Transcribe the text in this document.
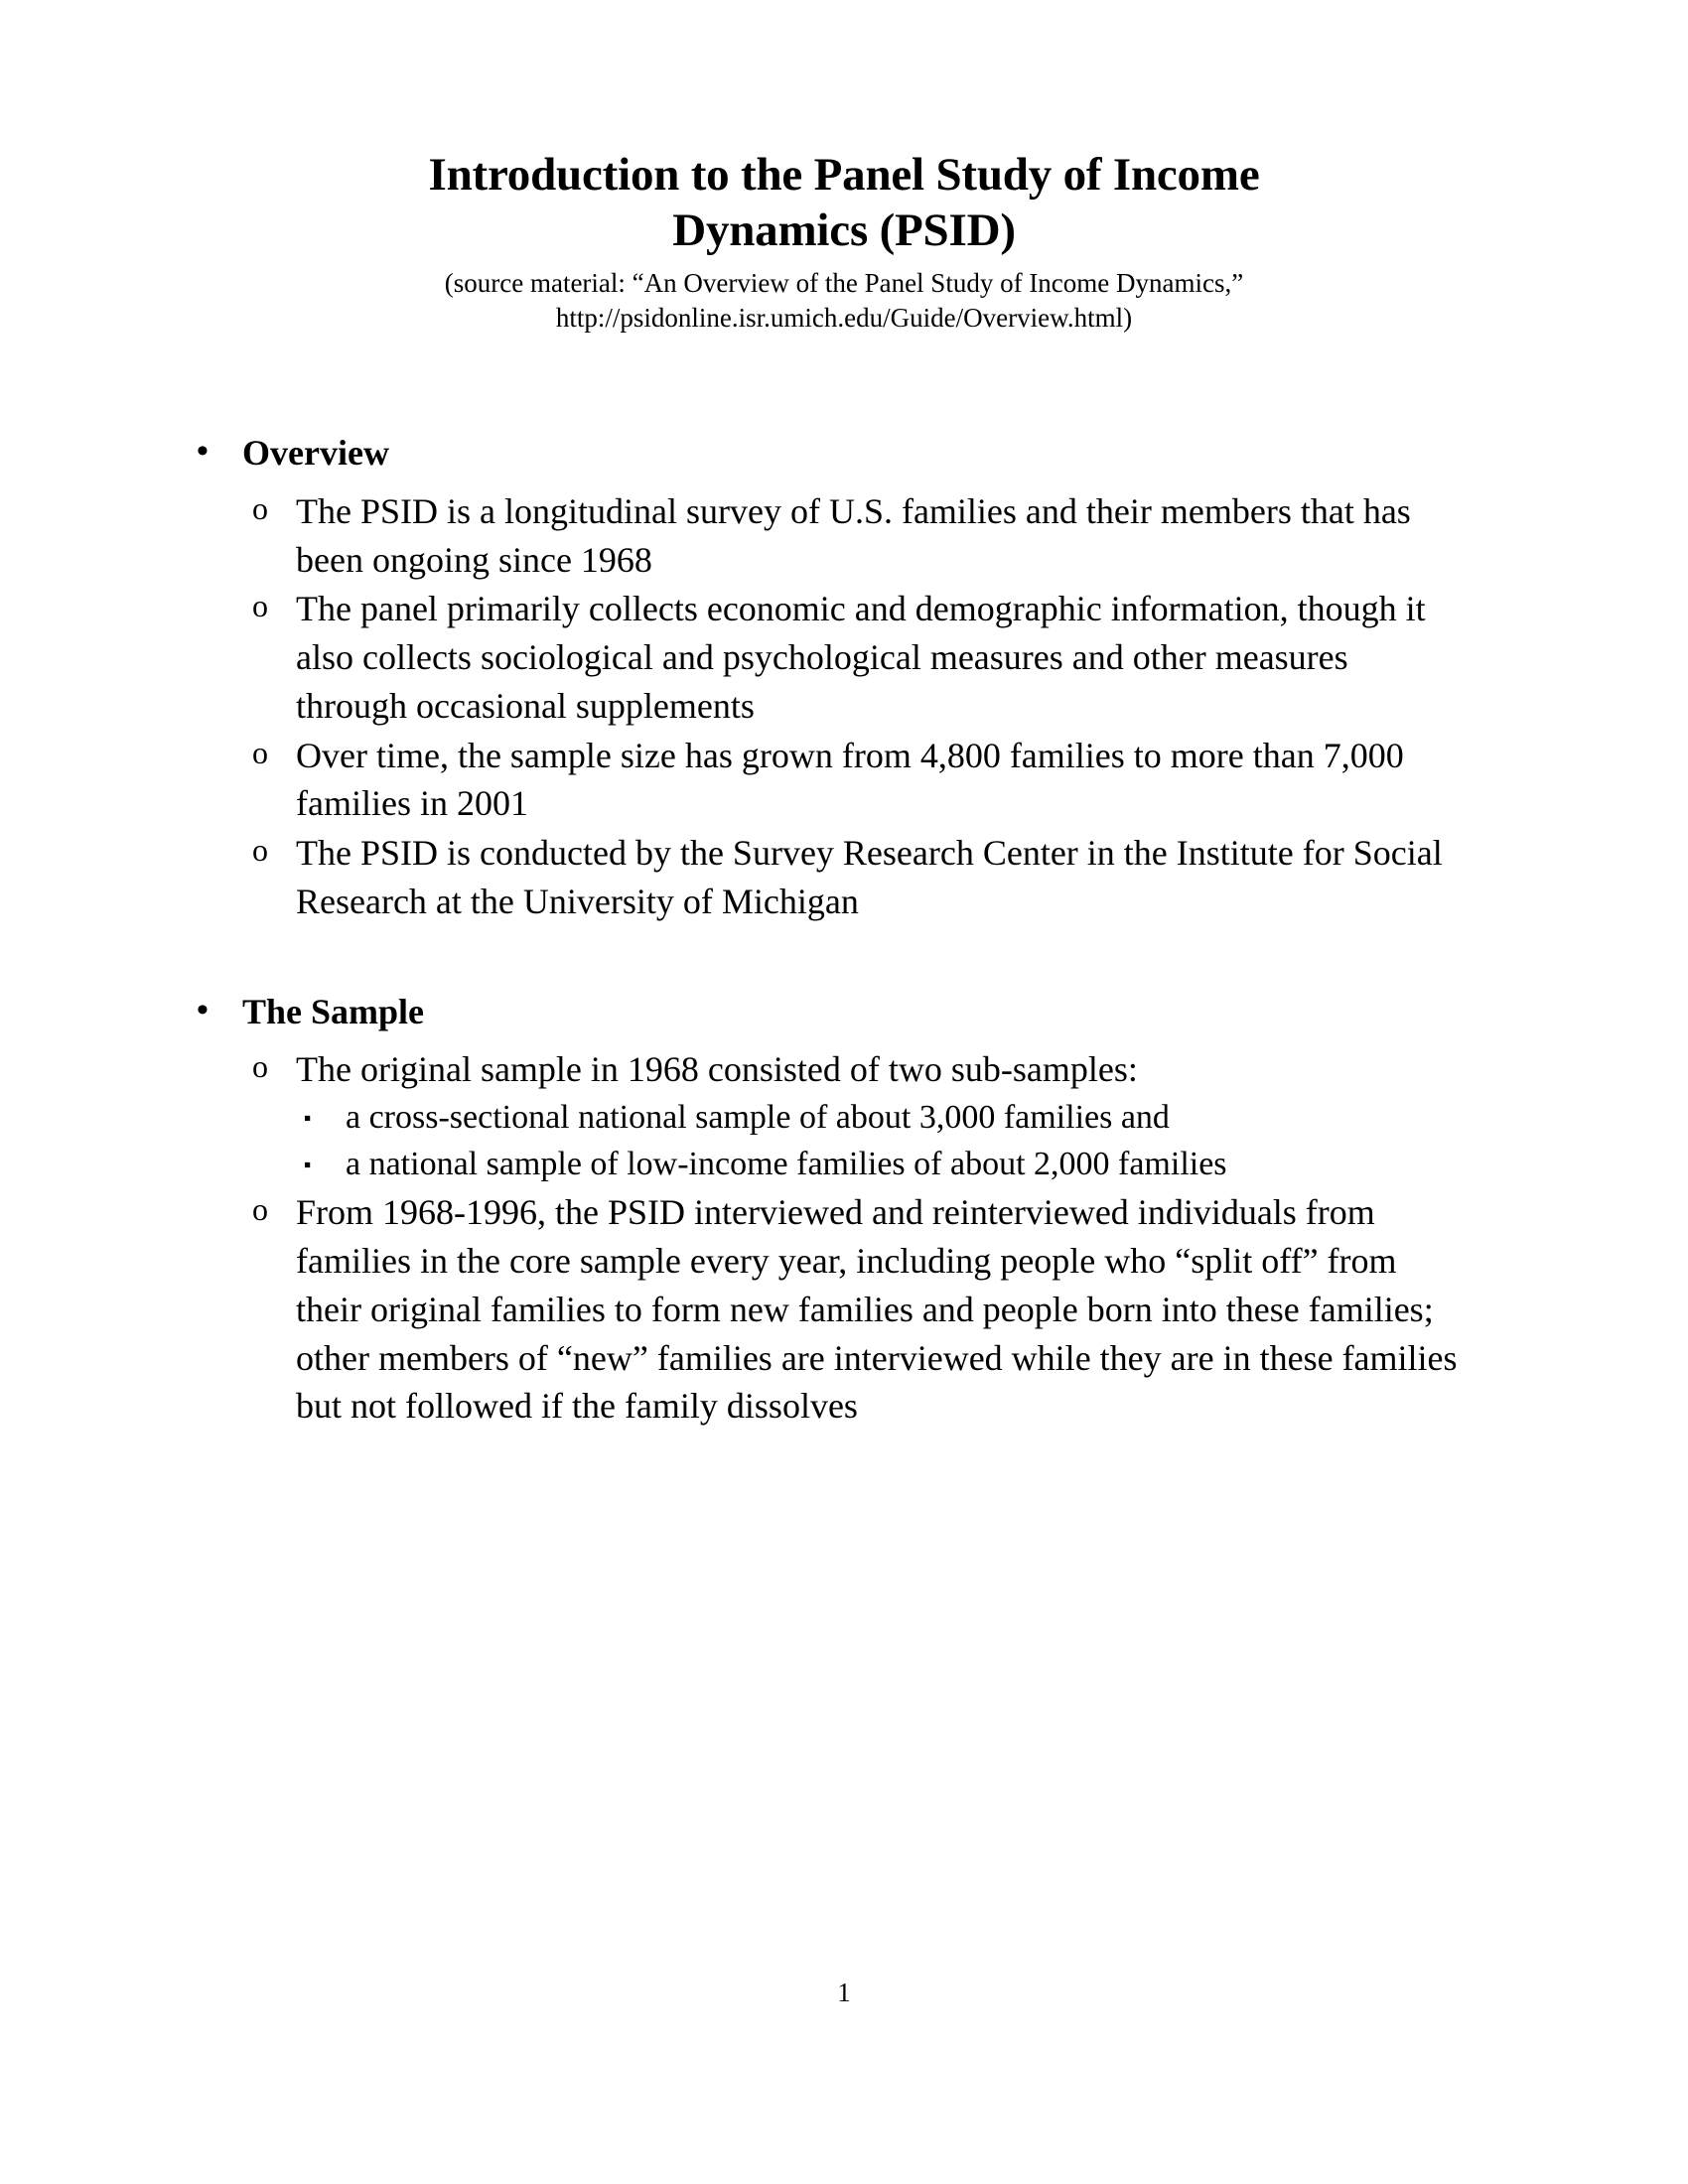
Introduction to the Panel Study of Income
Dynamics (PSID)
(source material: “An Overview of the Panel Study of Income Dynamics,”
http://psidonline.isr.umich.edu/Guide/Overview.html)
• Overview
o The PSID is a longitudinal survey of U.S. families and their members that has been ongoing since 1968
o The panel primarily collects economic and demographic information, though it also collects sociological and psychological measures and other measures through occasional supplements
o Over time, the sample size has grown from 4,800 families to more than 7,000 families in 2001
o The PSID is conducted by the Survey Research Center in the Institute for Social Research at the University of Michigan
• The Sample
o The original sample in 1968 consisted of two sub-samples:
▪	a cross-sectional national sample of about 3,000 families and
▪	a national sample of low-income families of about 2,000 families
o From 1968-1996, the PSID interviewed and reinterviewed individuals from families in the core sample every year, including people who “split off” from their original families to form new families and people born into these families; other members of “new” families are interviewed while they are in these families but not followed if the family dissolves
1
